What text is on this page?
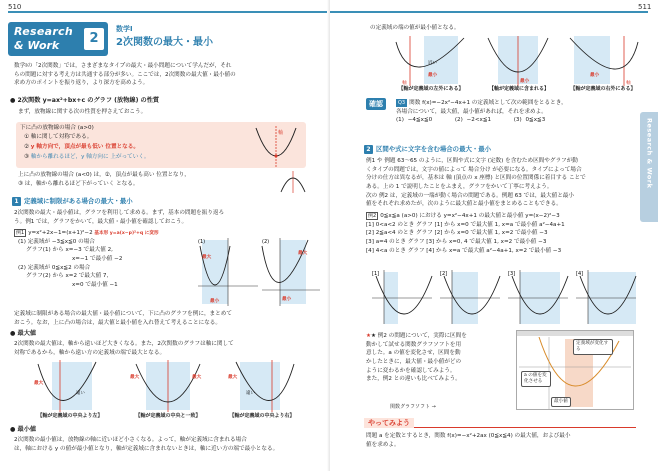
510
Research
& Work	2
数学Ⅰ
2次関数の最大・最小
数学Ⅰの「2次関数」では，さまざまなタイプの最大・最小問題について学んだが，それ
らの問題に対する考え方は共通する部分が多い。ここでは，2次関数の最大値・最小値の
求め方のポイントを振り返り，より深方を高めよう。
● 2次関数 y=ax²+bx+c のグラフ (放物線) の性質
まず，放物線に関する次の性質を押さえておこう。
下に凸の放物線の場合 (a>0)
① 軸に関して対称である。
② y 軸方向で，頂点が最も低い 位置となる。
③ 軸から離れるほど，y 軸方向に 上がっていく。
軸
上に凸の放物線の場合 (a<0) は，②，頂点が最も高い 位置となり，
③ は，軸から離れるほど下がっていく となる。
1 定義域に制限がある場合の最大・最小
2次関数の最大・最小値は，グラフを利用して求める。まず，基本の問題を振り返ろ
う。例1 では，グラフをかいて，最大値・最小値を確認しておこう。
例1 y=x²+2x−1=(x+1)²−2 基本形 y=a(x−p)²+q に変形
(1) 定義域が −3≦x≦0 の場合
グラフ(1) から x=−3 で最大値 2,
x=−1 で最小値 −2
(2) 定義域が 0≦x≦2 の場合
グラフ(2) から x=2 で最大値 7,
x=0 で最小値 −1
(1)
最大
最小
(2)
最大
最小
定義域に制限がある場合の最大値・最小値について，下に凸のグラフを例に，まとめて
おこう。なお，上に凸の場合は，最大値と最小値を入れ替えて考えることになる。
● 最大値
2次関数の最大値は，軸から遠いほど大きくなる。また，2次関数のグラフは軸に関して
対称であるから，軸から遠い方の定義域の端で最大となる。
最大
遠い
最大	最大	最大
遠い
【軸が定義域の中央より左】	【軸が定義域の中央と一致】	【軸が定義域の中央より右】
● 最小値
2次関数の最小値は，放物線の軸に近いほど小さくなる。よって，軸が定義域に含まれる場合
は，軸における y の値が最小値となり，軸が定義域に含まれないときは，軸に近い方の端で最小となる。
511
の定義域の端の値が最小値となる。
軸
近い
最小
最小	軸
最小
【軸が定義域の左外にある】	【軸が定義域に含まれる】	【軸が定義域の右外にある】
確認	Q3 関数 f(x)=−2x²−4x+1 の定義域として次の範囲をとるとき，
各場合について，最大値，最小値があれば，それを求めよ。
(1) −4≦x≦0	(2) −2<x≦1	(3) 0≦x≦3
2 区間や式に文字を含む場合の最大・最小
例1 や 例題 63〜65 のように，区間や式に文字 (定数) を含むため区間やグラフが動
くタイプの問題では，文字の値によって 場合分け が必要になる。タイプによって場合
分けの仕方は異なるが，基本は 軸 (頂点の x 座標) と区間の位置関係に着目する ことで
ある。上の 1 で説明したことをふまえ，グラフをかいて丁寧に考えよう。
次の 例2 は，定義域の一端が動く場合の問題である。例題 63 では，最大値と最小
値をそれぞれ求めたが，次のように最大値と最小値をまとめることもできる。
例2 0≦x≦a (a>0) における y=x²−4x+1 の最大値と最小値 y=(x−2)²−3
[1] 0<a<2 のとき グラフ [1] から x=0 で最大値 1, x=a で最小値 a²−4a+1
[2] 2≦a<4 のとき グラフ [2] から x=0 で最大値 1, x=2 で最小値 −3
[3] a=4 のとき グラフ [3] から x=0, 4 で最大値 1, x=2 で最小値 −3
[4] 4<a のとき グラフ [4] から x=a で最大値 a²−4a+1, x=2 で最小値 −3
[1]	[2]	[3]	[4]
★★ 例2 の問題について，実際に区間を
動かして試せる関数グラフソフトを用
意した。a の値を変化させ，区間を動
かしたときに，最大値・最小値がどの
ように変わるかを確認してみよう。
また，例2 との違いも比べてみよう。
関数グラフソフト →
定義域が変化する
a の値を変化させる
最小値
Research & Work
やってみよう
問題 a を定数とするとき，関数 f(x)=−x²+2ax (0≦x≦4) の最大値，および最小
値を求めよ。
